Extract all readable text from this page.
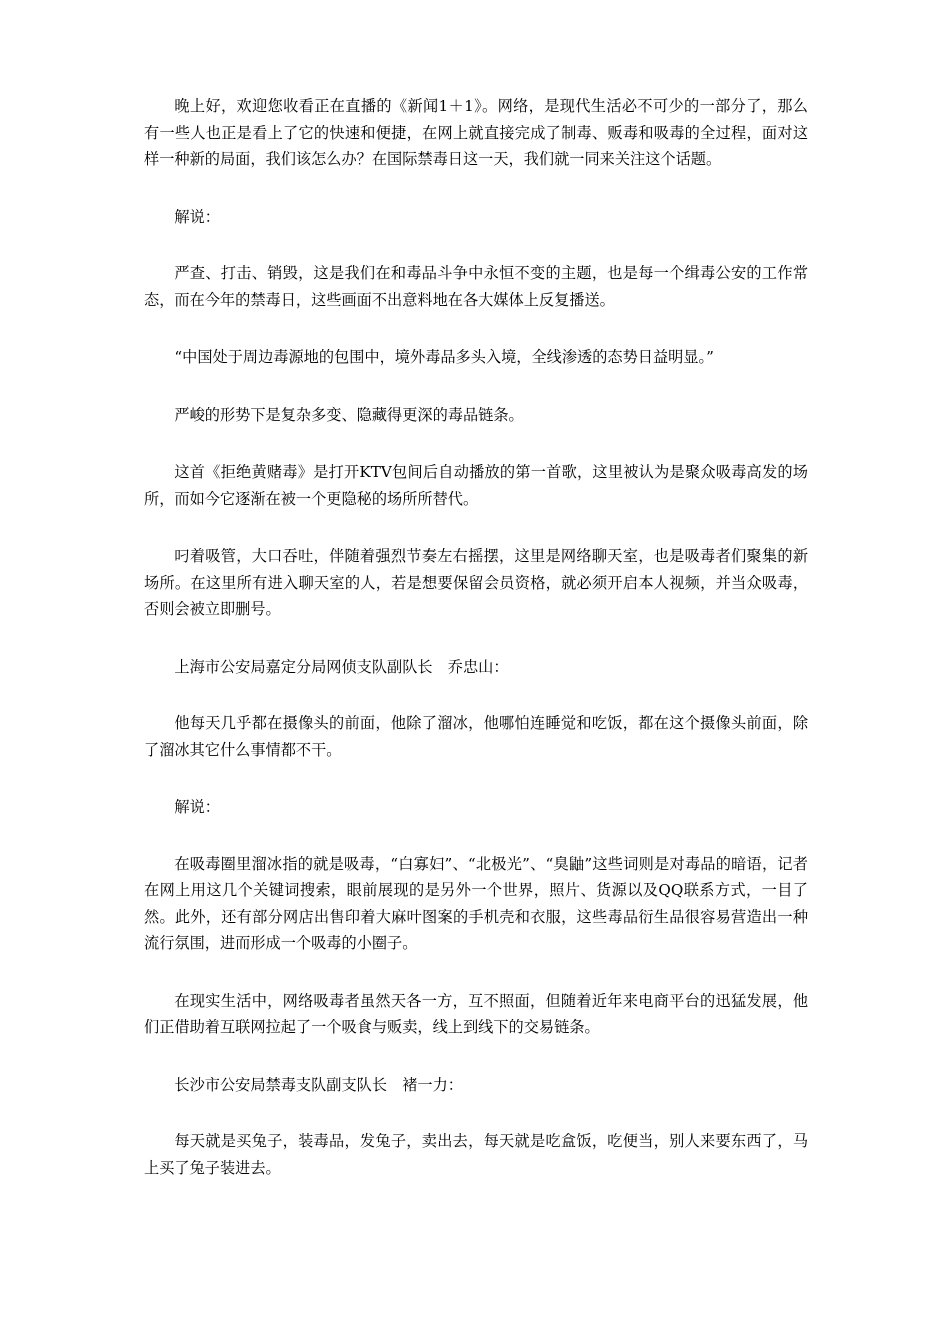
晚上好，欢迎您收看正在直播的《新闻1＋1》。网络，是现代生活必不可少的一部分了，那么有一些人也正是看上了它的快速和便捷，在网上就直接完成了制毒、贩毒和吸毒的全过程，面对这样一种新的局面，我们该怎么办？在国际禁毒日这一天，我们就一同来关注这个话题。

解说：

严查、打击、销毁，这是我们在和毒品斗争中永恒不变的主题，也是每一个缉毒公安的工作常态，而在今年的禁毒日，这些画面不出意料地在各大媒体上反复播送。

“中国处于周边毒源地的包围中，境外毒品多头入境，全线渗透的态势日益明显。”

严峻的形势下是复杂多变、隐藏得更深的毒品链条。

这首《拒绝黄赌毒》是打开KTV包间后自动播放的第一首歌，这里被认为是聚众吸毒高发的场所，而如今它逐渐在被一个更隐秘的场所所替代。

叼着吸管，大口吞吐，伴随着强烈节奏左右摇摆，这里是网络聊天室，也是吸毒者们聚集的新场所。在这里所有进入聊天室的人，若是想要保留会员资格，就必须开启本人视频，并当众吸毒，否则会被立即删号。

上海市公安局嘉定分局网侦支队副队长　乔忠山：

他每天几乎都在摄像头的前面，他除了溜冰，他哪怕连睡觉和吃饭，都在这个摄像头前面，除了溜冰其它什么事情都不干。

解说：

在吸毒圈里溜冰指的就是吸毒，“白寡妇”、“北极光”、“臭鼬”这些词则是对毒品的暗语，记者在网上用这几个关键词搜索，眼前展现的是另外一个世界，照片、货源以及QQ联系方式，一目了然。此外，还有部分网店出售印着大麻叶图案的手机壳和衣服，这些毒品衍生品很容易营造出一种流行氛围，进而形成一个吸毒的小圈子。

在现实生活中，网络吸毒者虽然天各一方，互不照面，但随着近年来电商平台的迅猛发展，他们正借助着互联网拉起了一个吸食与贩卖，线上到线下的交易链条。

长沙市公安局禁毒支队副支队长　褚一力：

每天就是买兔子，装毒品，发兔子，卖出去，每天就是吃盒饭，吃便当，别人来要东西了，马上买了兔子装进去。
